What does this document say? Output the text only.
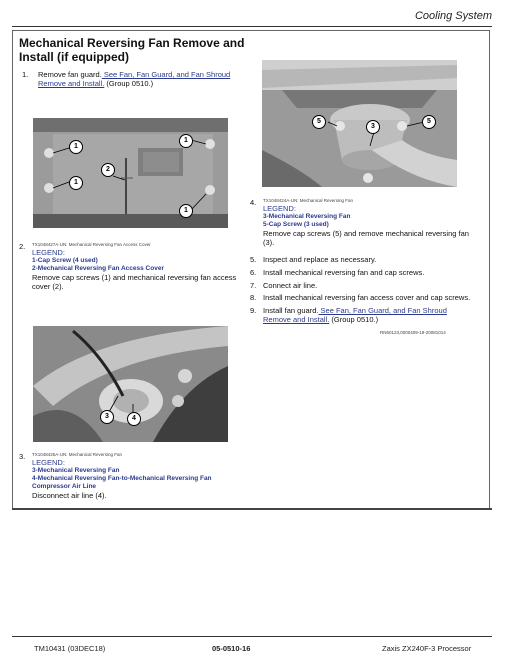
Cooling System
Mechanical Reversing Fan Remove and Install (if equipped)
1. Remove fan guard. See Fan, Fan Guard, and Fan Shroud Remove and Install. (Group 0510.)
1
1
1
1
2
2. TX1048427A-UN: Mechanical Reversing Fan Access Cover
LEGEND:
1-Cap Screw (4 used)
2-Mechanical Reversing Fan Access Cover
Remove cap screws (1) and mechanical reversing fan access cover (2).
3	4
3. TX1048425A-UN: Mechanical Reversing Fan
LEGEND:
3-Mechanical Reversing Fan
4-Mechanical Reversing Fan-to-Mechanical Reversing Fan Compressor Air Line
Disconnect air line (4).
5
3
5
4. TX1048424A-UN: Mechanical Reversing Fan
LEGEND:
3-Mechanical Reversing Fan
5-Cap Screw (3 used)
Remove cap screws (5) and remove mechanical reversing fan (3).
5. Inspect and replace as necessary.
6. Install mechanical reversing fan and cap screws.
7. Connect air line.
8. Install mechanical reversing fan access cover and cap screws.
9. Install fan guard. See Fan, Fan Guard, and Fan Shroud Remove and Install. (Group 0510.)
RN60123,0000409-19-20081014
TM10431 (03DEC18)	05-0510-16	Zaxis ZX240F-3 Processor
